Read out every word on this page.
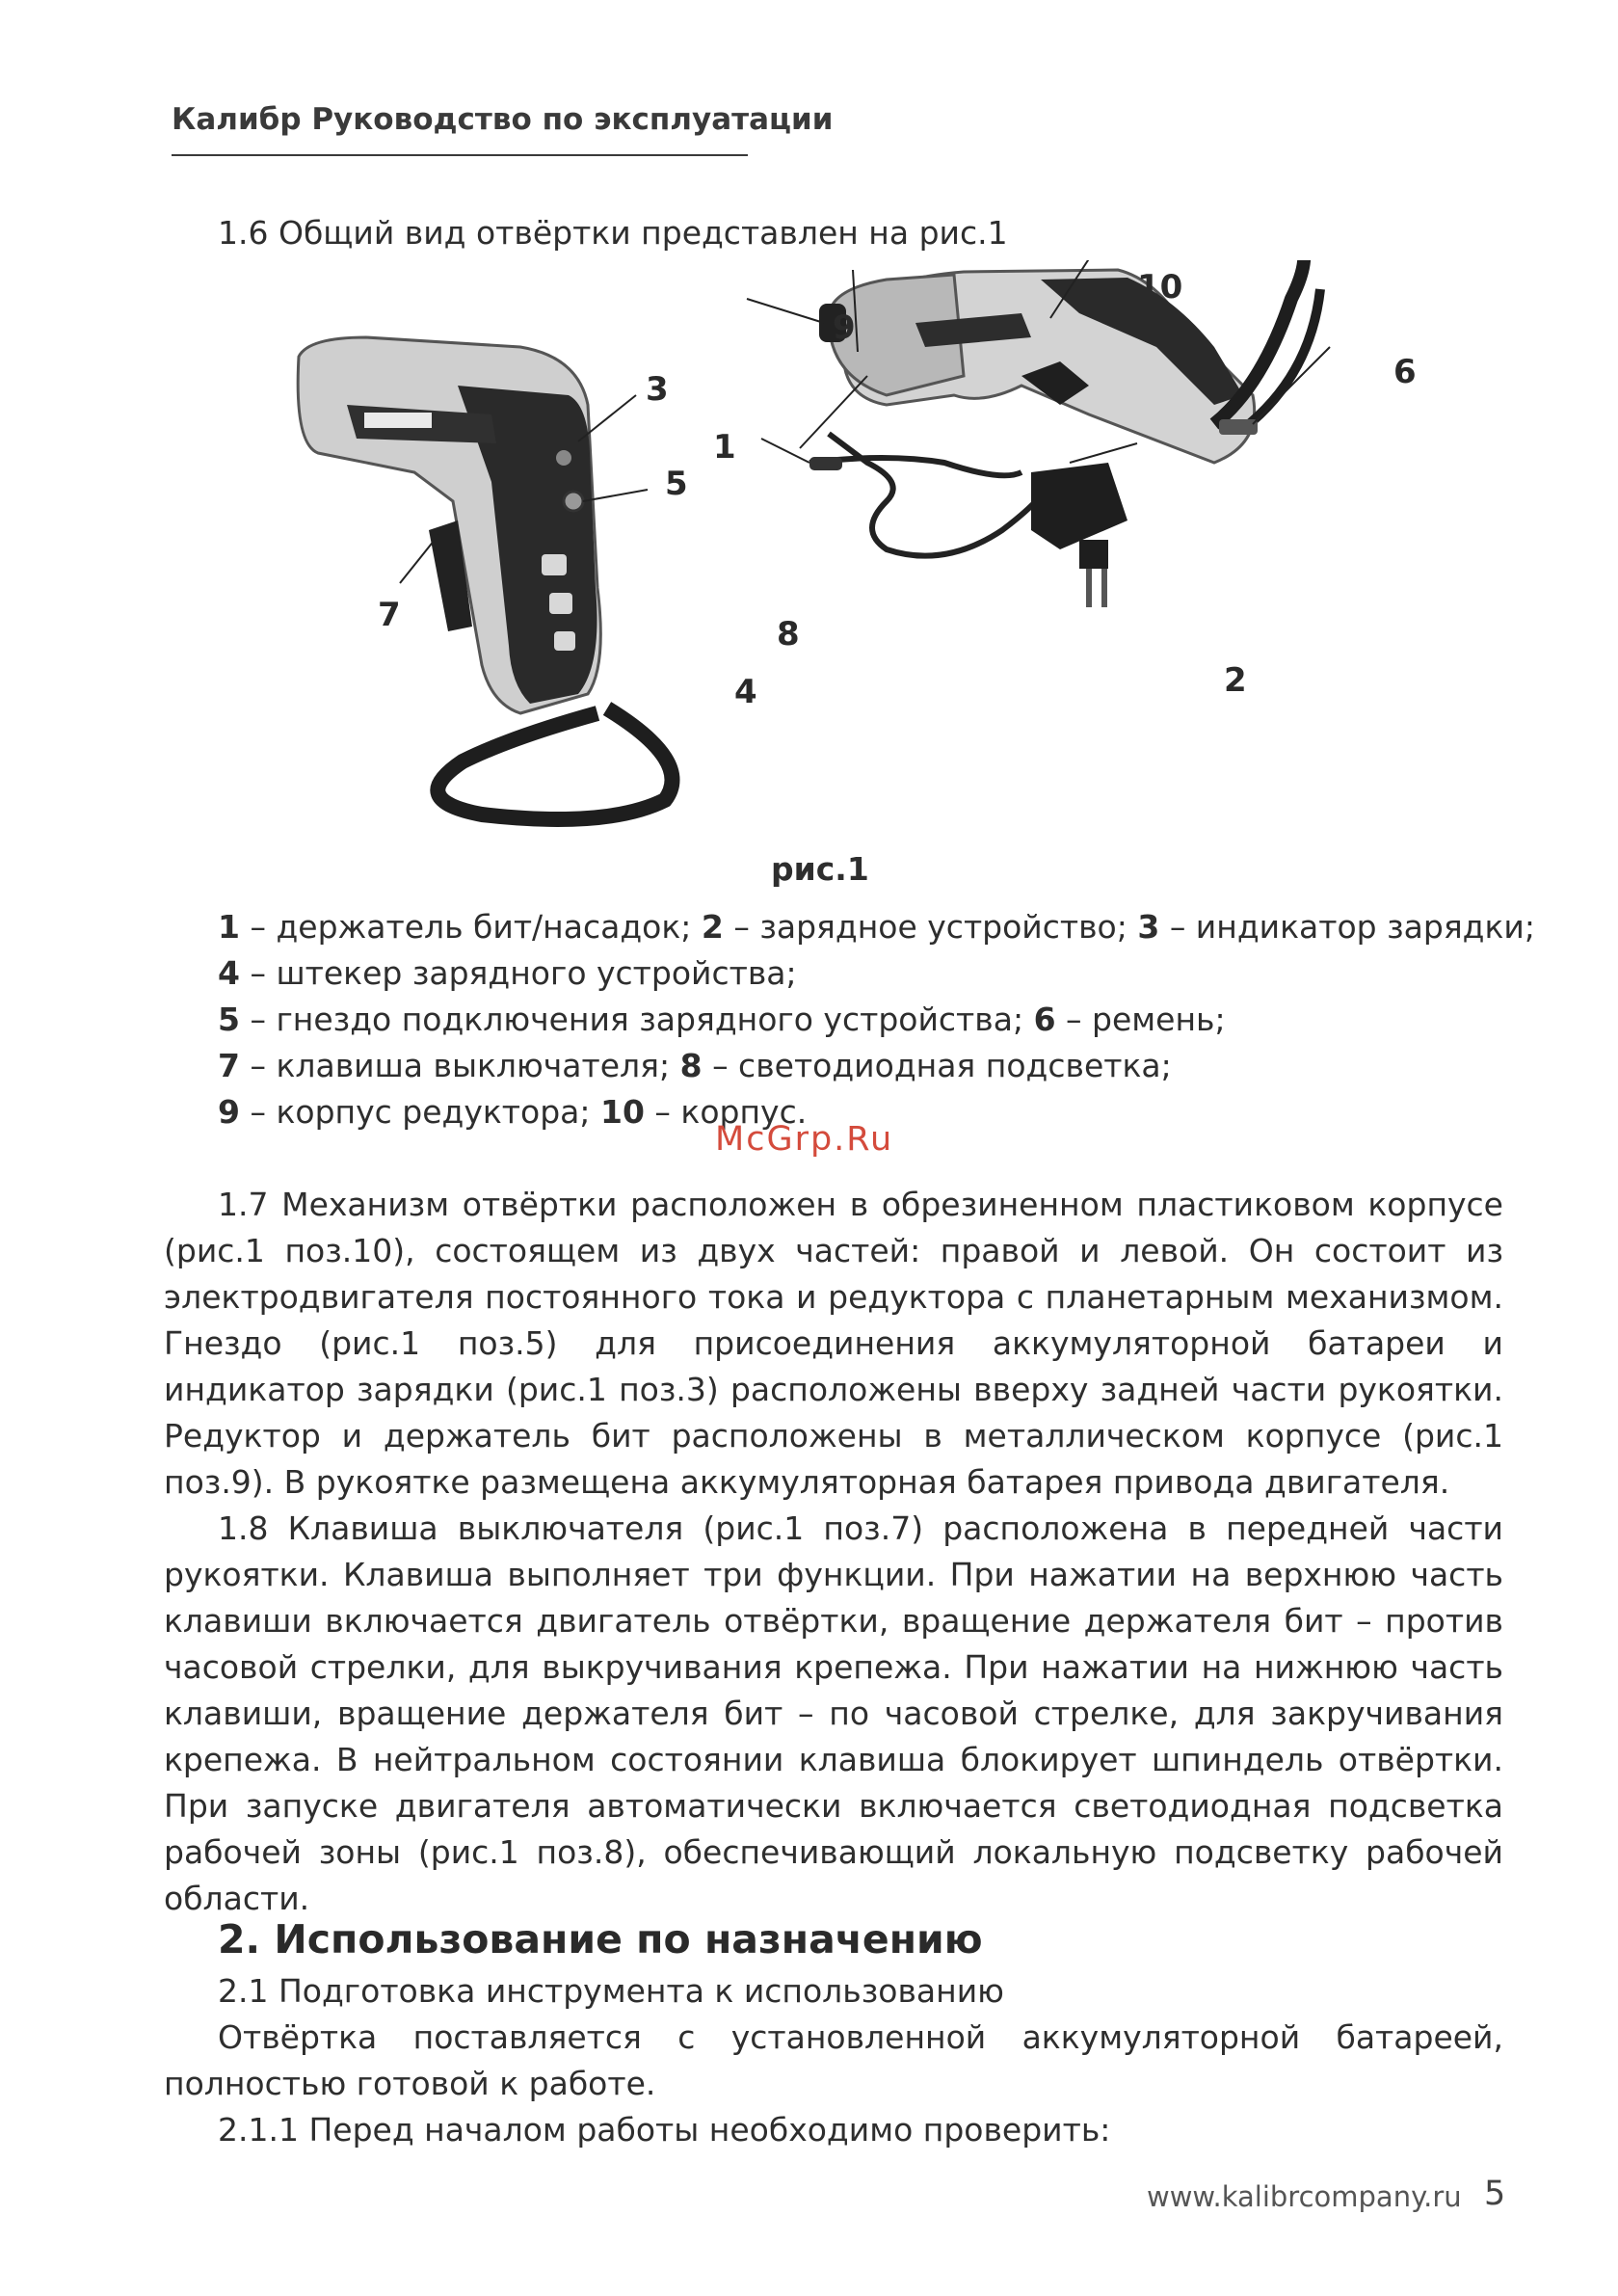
Калибр Руководство по эксплуатации
1.6 Общий вид отвёртки представлен на рис.1
1
2
3
4
5
6
7	8
9
10
рис.1
1 – держатель бит/насадок; 2 – зарядное устройство; 3 – индикатор зарядки;
4 – штекер зарядного устройства;
5 – гнездо подключения зарядного устройства; 6 – ремень;
7 – клавиша выключателя; 8 – светодиодная подсветка;
9 – корпус редуктора; 10 – корпус.
McGrp.Ru

1.7 Механизм отвёртки расположен в обрезиненном пластиковом корпусе (рис.1 поз.10), состоящем из двух частей: правой и левой. Он состоит из электродвигателя постоянного тока и редуктора с планетарным механизмом. Гнездо (рис.1 поз.5) для присоединения аккумуляторной батареи и индикатор зарядки (рис.1 поз.3) расположены вверху задней части рукоятки. Редуктор и держатель бит расположены в металлическом корпусе (рис.1 поз.9). В рукоятке размещена аккумуляторная батарея привода двигателя.

1.8 Клавиша выключателя (рис.1 поз.7) расположена в передней части рукоятки. Клавиша выполняет три функции. При нажатии на верхнюю часть клавиши включается двигатель отвёртки, вращение держателя бит – против часовой стрелки, для выкручивания крепежа. При нажатии на нижнюю часть клавиши, вращение держателя бит – по часовой стрелке, для закручивания крепежа. В нейтральном состоянии клавиша блокирует шпиндель отвёртки. При запуске двигателя автоматически включается светодиодная подсветка рабочей зоны (рис.1 поз.8), обеспечивающий локальную подсветку рабочей области.

2. Использование по назначению

2.1 Подготовка инструмента к использованию

Отвёртка поставляется с установленной аккумуляторной батареей, полностью готовой к работе.

2.1.1 Перед началом работы необходимо проверить:

www.kalibrcompany.ru 5
